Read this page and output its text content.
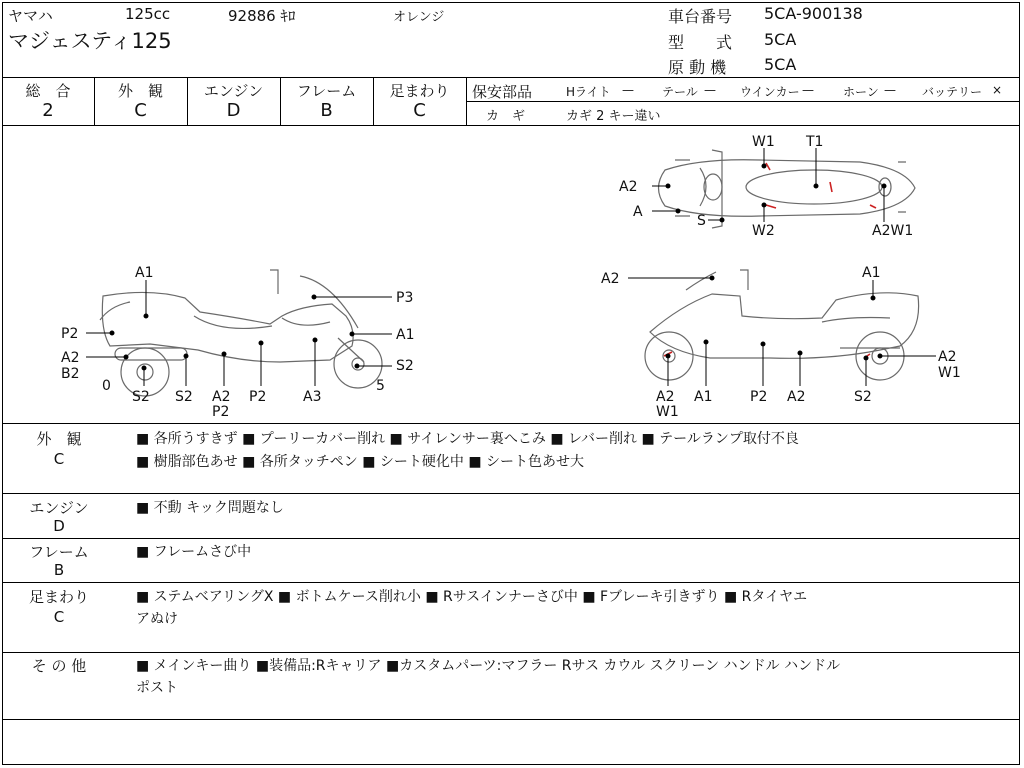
ヤマハ	125cc	92886 ｷﾛ	オレンジ
マジェスティ125
車台番号 5CA-900138
型　　式 5CA
原 動 機 5CA
総　合
2
外　観
C
エンジン
D
フレーム
B
足まわり
C
保安部品	Hライト — テール — ウインカー — ホーン — バッテリー ×
カ　ギ	カギ 2 キー違い
W1 T1
A2
A
S
W2	A2W1
A1
P3
P2	A1
A2
B2	S2
0
S2 S2 A2
P2
P2	A3
5
A2	A1
A2
W1
A2
W1
A1	P2 A2	S2
外　観
C
■ 各所うすきず ■ プーリーカバー削れ ■ サイレンサー裏へこみ ■ レバー削れ ■ テールランプ取付不良
■ 樹脂部色あせ ■ 各所タッチペン ■ シート硬化中 ■ シート色あせ大
エンジン
D
■ 不動 キック問題なし
フレーム
B
■ フレームさび中
足まわり
C
■ ステムベアリングX ■ ボトムケース削れ小 ■ Rサスインナーさび中 ■ Fブレーキ引きずり ■ Rタイヤエ
アぬけ
そ の 他	■ メインキー曲り ■装備品:Rキャリア ■カスタムパーツ:マフラー Rサス カウル スクリーン ハンドル ハンドル
ポスト
